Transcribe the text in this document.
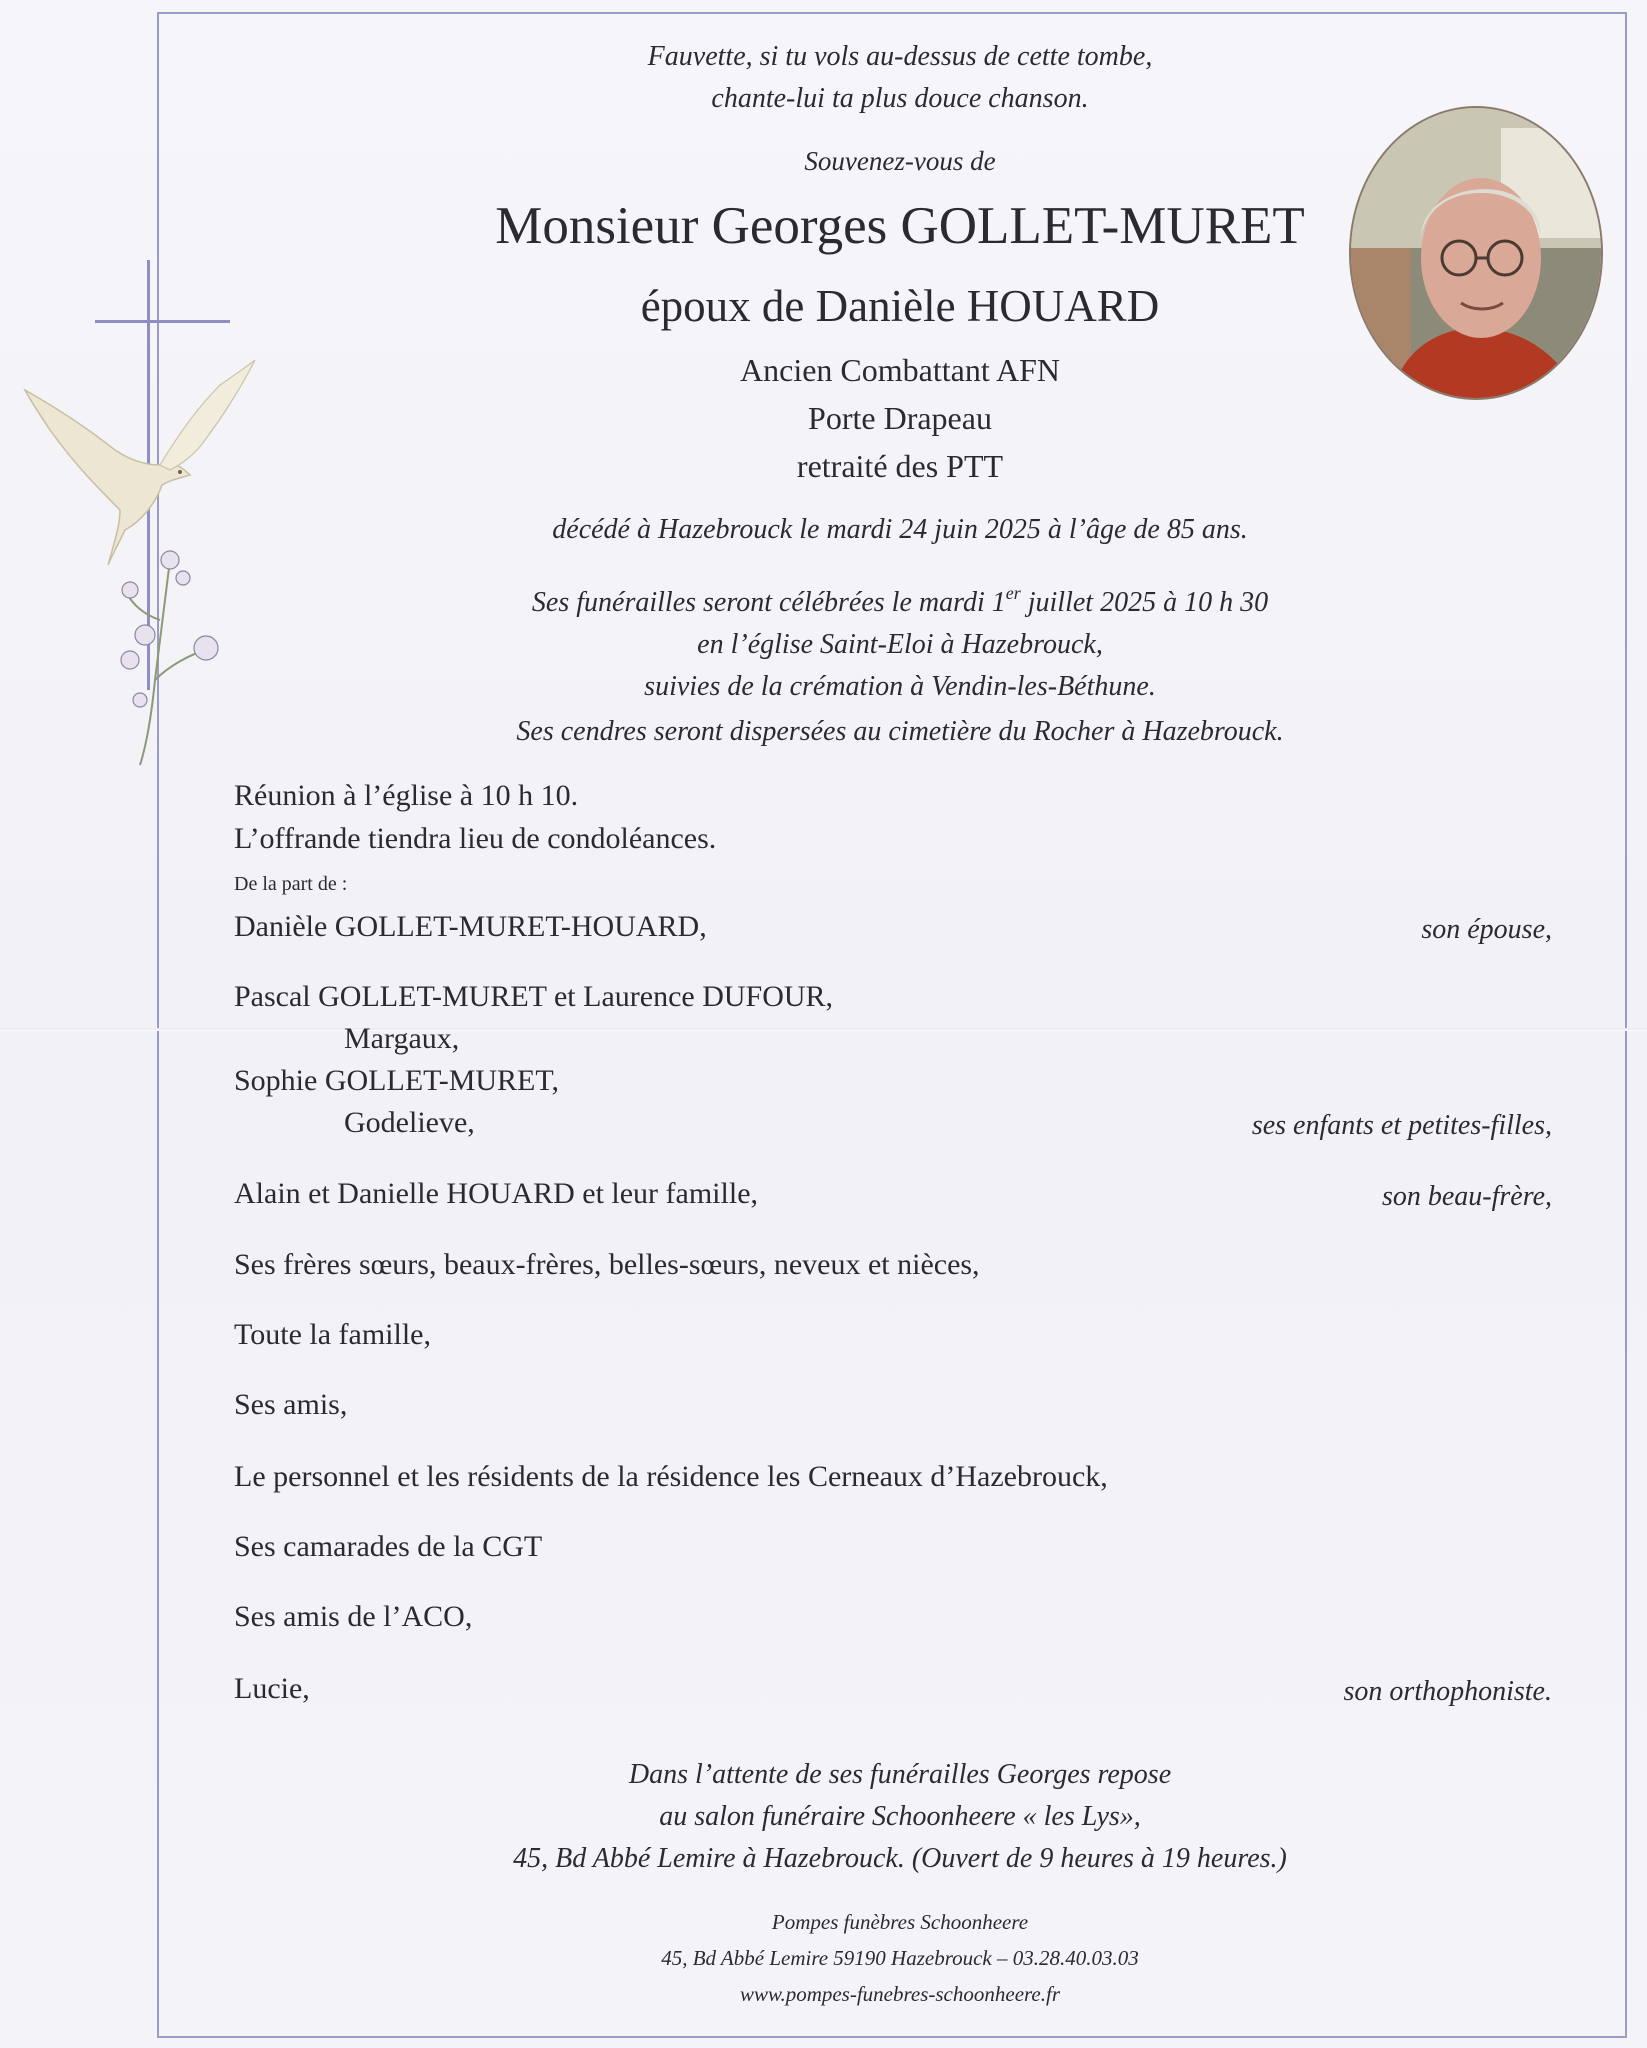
Fauvette, si tu vols au-dessus de cette tombe,
chante-lui ta plus douce chanson.
Souvenez-vous de
Monsieur Georges GOLLET-MURET
époux de Danièle HOUARD
Ancien Combattant AFN
Porte Drapeau
retraité des PTT
décédé à Hazebrouck le mardi 24 juin 2025 à l’âge de 85 ans.
Ses funérailles seront célébrées le mardi 1er juillet 2025 à 10 h 30
en l’église Saint-Eloi à Hazebrouck,
suivies de la crémation à Vendin-les-Béthune.
Ses cendres seront dispersées au cimetière du Rocher à Hazebrouck.
Réunion à l’église à 10 h 10.
L’offrande tiendra lieu de condoléances.
De la part de :
Danièle GOLLET-MURET-HOUARD,	son épouse,
Pascal GOLLET-MURET et Laurence DUFOUR,
Margaux,
Sophie GOLLET-MURET,
Godelieve,	ses enfants et petites-filles,
Alain et Danielle HOUARD et leur famille,	son beau-frère,
Ses frères sœurs, beaux-frères, belles-sœurs, neveux et nièces,
Toute la famille,
Ses amis,
Le personnel et les résidents de la résidence les Cerneaux d’Hazebrouck,
Ses camarades de la CGT
Ses amis de l’ACO,
Lucie,	son orthophoniste.
Dans l’attente de ses funérailles Georges repose
au salon funéraire Schoonheere « les Lys»,
45, Bd Abbé Lemire à Hazebrouck. (Ouvert de 9 heures à 19 heures.)
Pompes funèbres Schoonheere
45, Bd Abbé Lemire 59190 Hazebrouck – 03.28.40.03.03
www.pompes-funebres-schoonheere.fr
